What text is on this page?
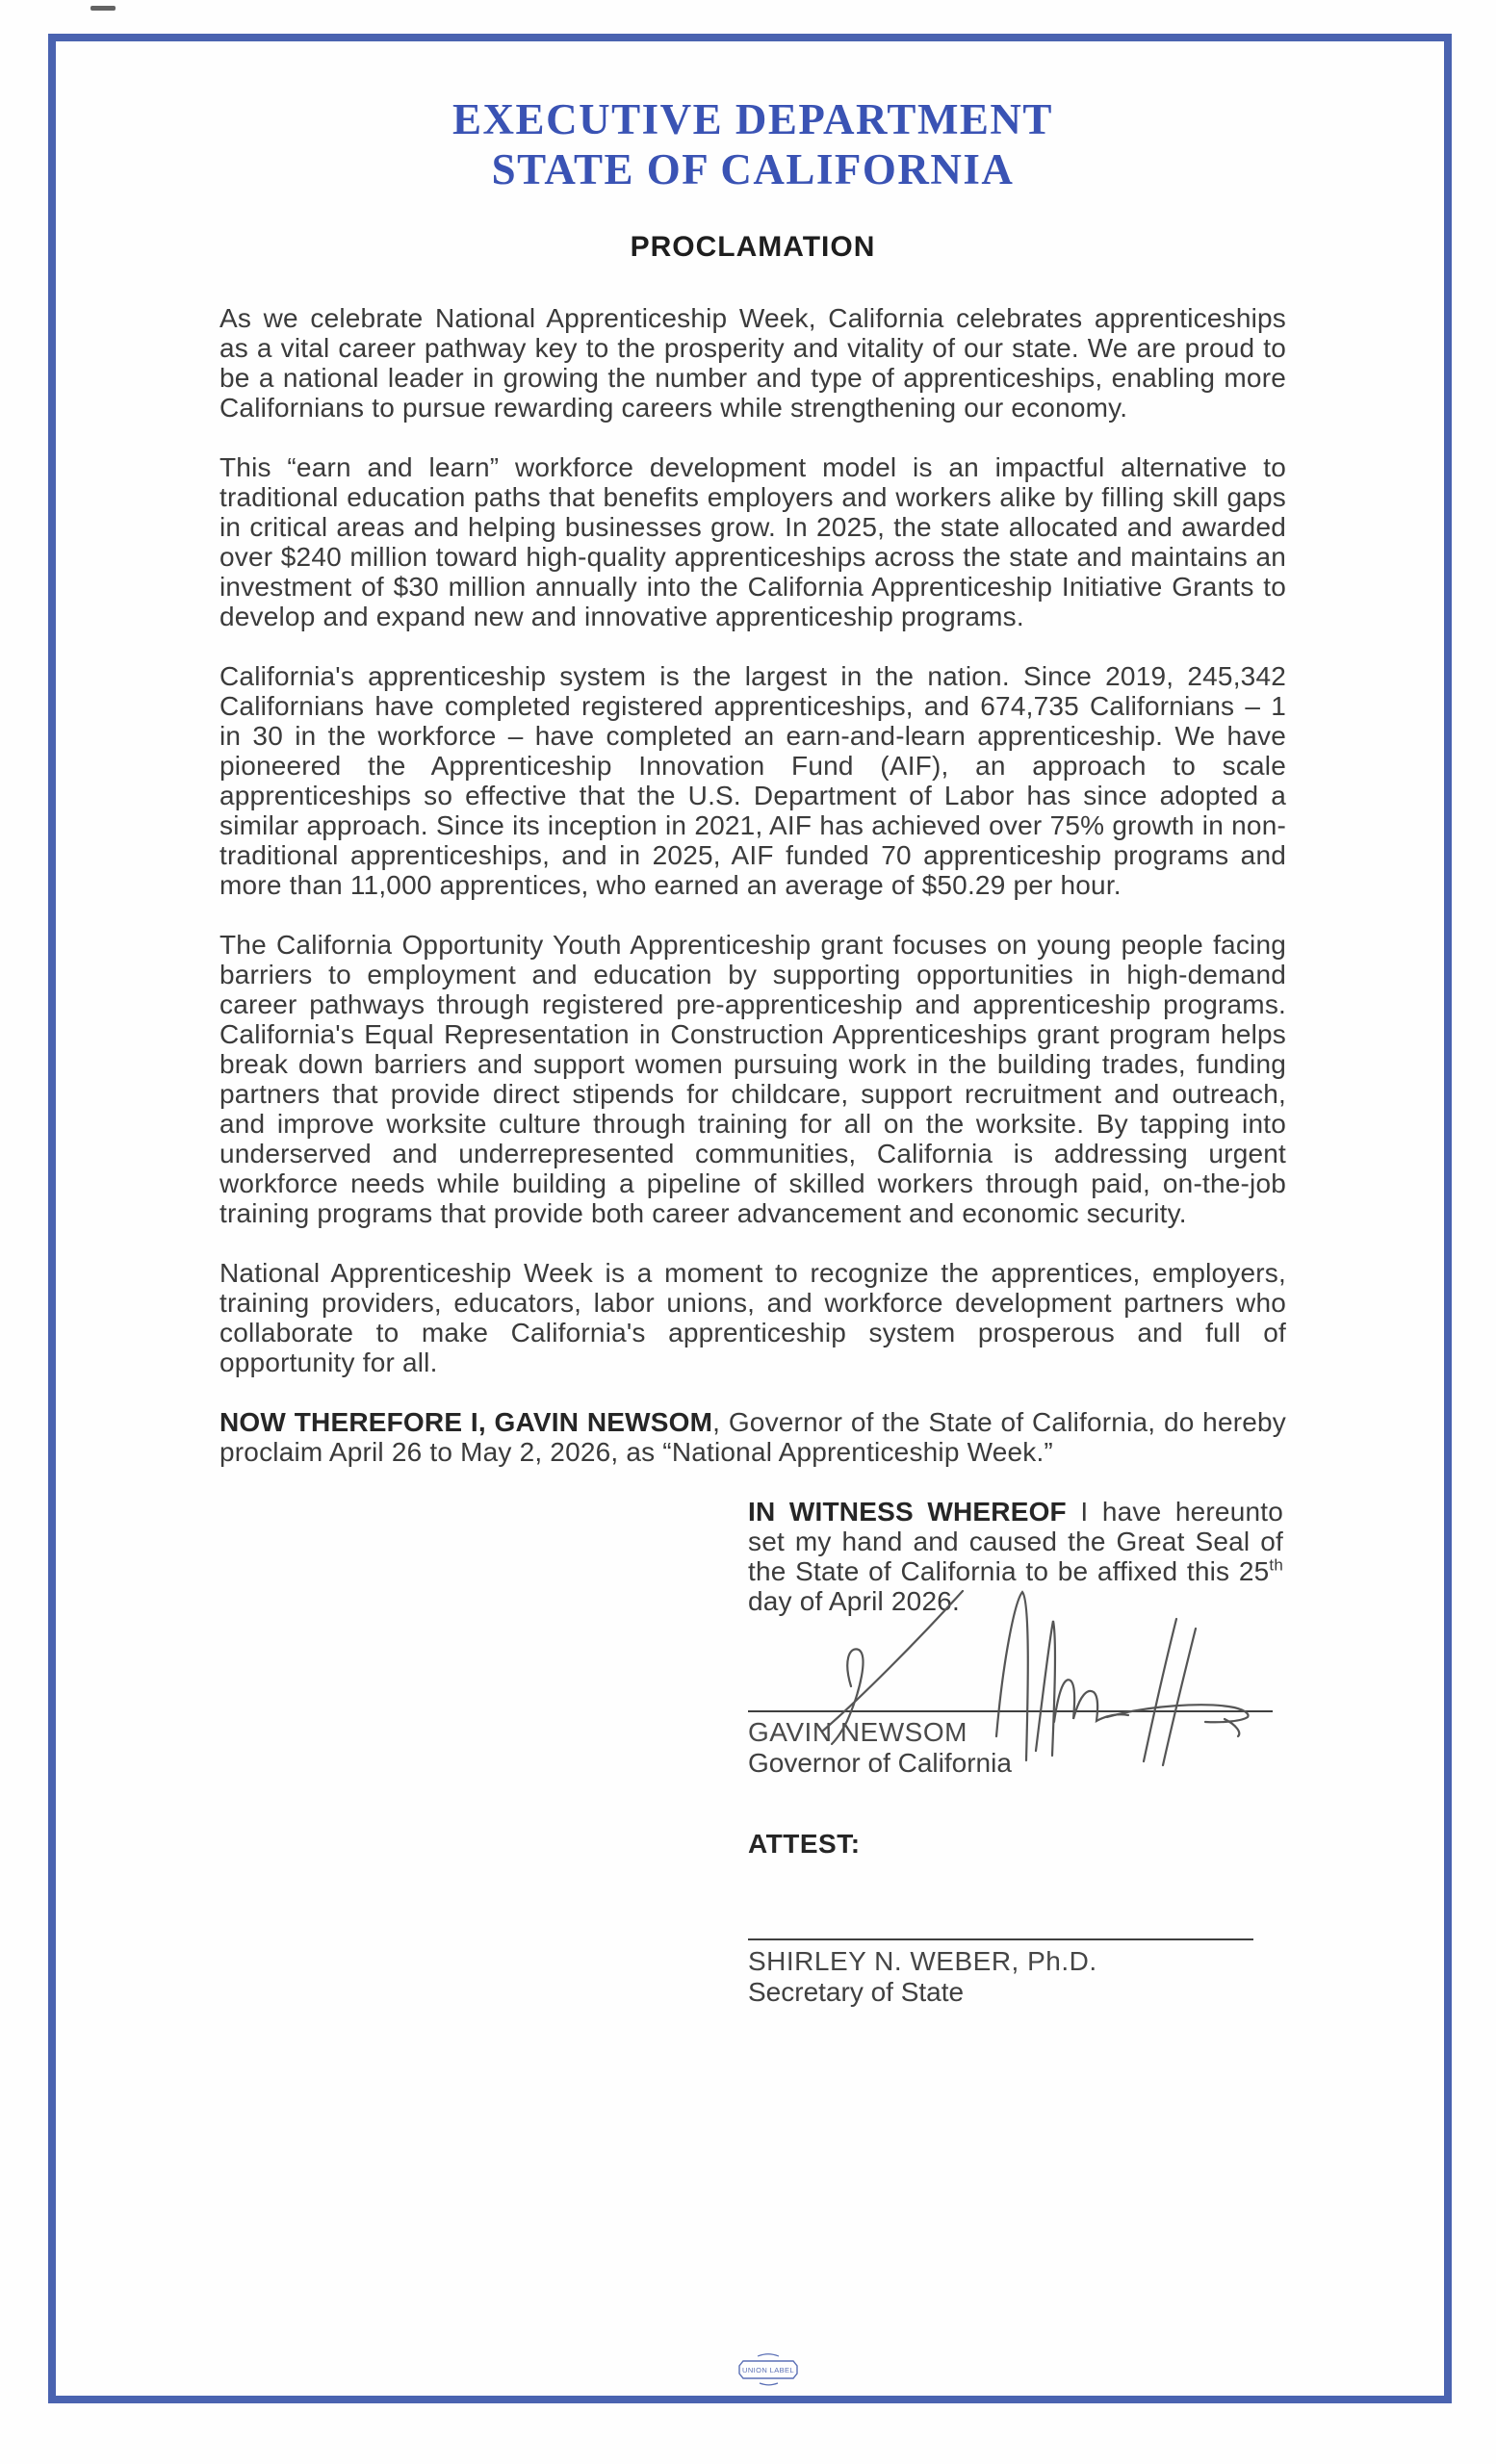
EXECUTIVE DEPARTMENT
STATE OF CALIFORNIA
PROCLAMATION

As we celebrate National Apprenticeship Week, California celebrates apprenticeships as a vital career pathway key to the prosperity and vitality of our state. We are proud to be a national leader in growing the number and type of apprenticeships, enabling more Californians to pursue rewarding careers while strengthening our economy.

This “earn and learn” workforce development model is an impactful alternative to traditional education paths that benefits employers and workers alike by filling skill gaps in critical areas and helping businesses grow. In 2025, the state allocated and awarded over $240 million toward high-quality apprenticeships across the state and maintains an investment of $30 million annually into the California Apprenticeship Initiative Grants to develop and expand new and innovative apprenticeship programs.

California's apprenticeship system is the largest in the nation. Since 2019, 245,342 Californians have completed registered apprenticeships, and 674,735 Californians – 1 in 30 in the workforce – have completed an earn-and-learn apprenticeship. We have pioneered the Apprenticeship Innovation Fund (AIF), an approach to scale apprenticeships so effective that the U.S. Department of Labor has since adopted a similar approach. Since its inception in 2021, AIF has achieved over 75% growth in non-traditional apprenticeships, and in 2025, AIF funded 70 apprenticeship programs and more than 11,000 apprentices, who earned an average of $50.29 per hour.

The California Opportunity Youth Apprenticeship grant focuses on young people facing barriers to employment and education by supporting opportunities in high-demand career pathways through registered pre-apprenticeship and apprenticeship programs. California's Equal Representation in Construction Apprenticeships grant program helps break down barriers and support women pursuing work in the building trades, funding partners that provide direct stipends for childcare, support recruitment and outreach, and improve worksite culture through training for all on the worksite. By tapping into underserved and underrepresented communities, California is addressing urgent workforce needs while building a pipeline of skilled workers through paid, on-the-job training programs that provide both career advancement and economic security.

National Apprenticeship Week is a moment to recognize the apprentices, employers, training providers, educators, labor unions, and workforce development partners who collaborate to make California's apprenticeship system prosperous and full of opportunity for all.

NOW THEREFORE I, GAVIN NEWSOM, Governor of the State of California, do hereby proclaim April 26 to May 2, 2026, as “National Apprenticeship Week.”

IN WITNESS WHEREOF I have hereunto set my hand and caused the Great Seal of the State of California to be affixed this 25th day of April 2026.

GAVIN NEWSOM
Governor of California
ATTEST:
SHIRLEY N. WEBER, Ph.D.
Secretary of State
UNION LABEL
